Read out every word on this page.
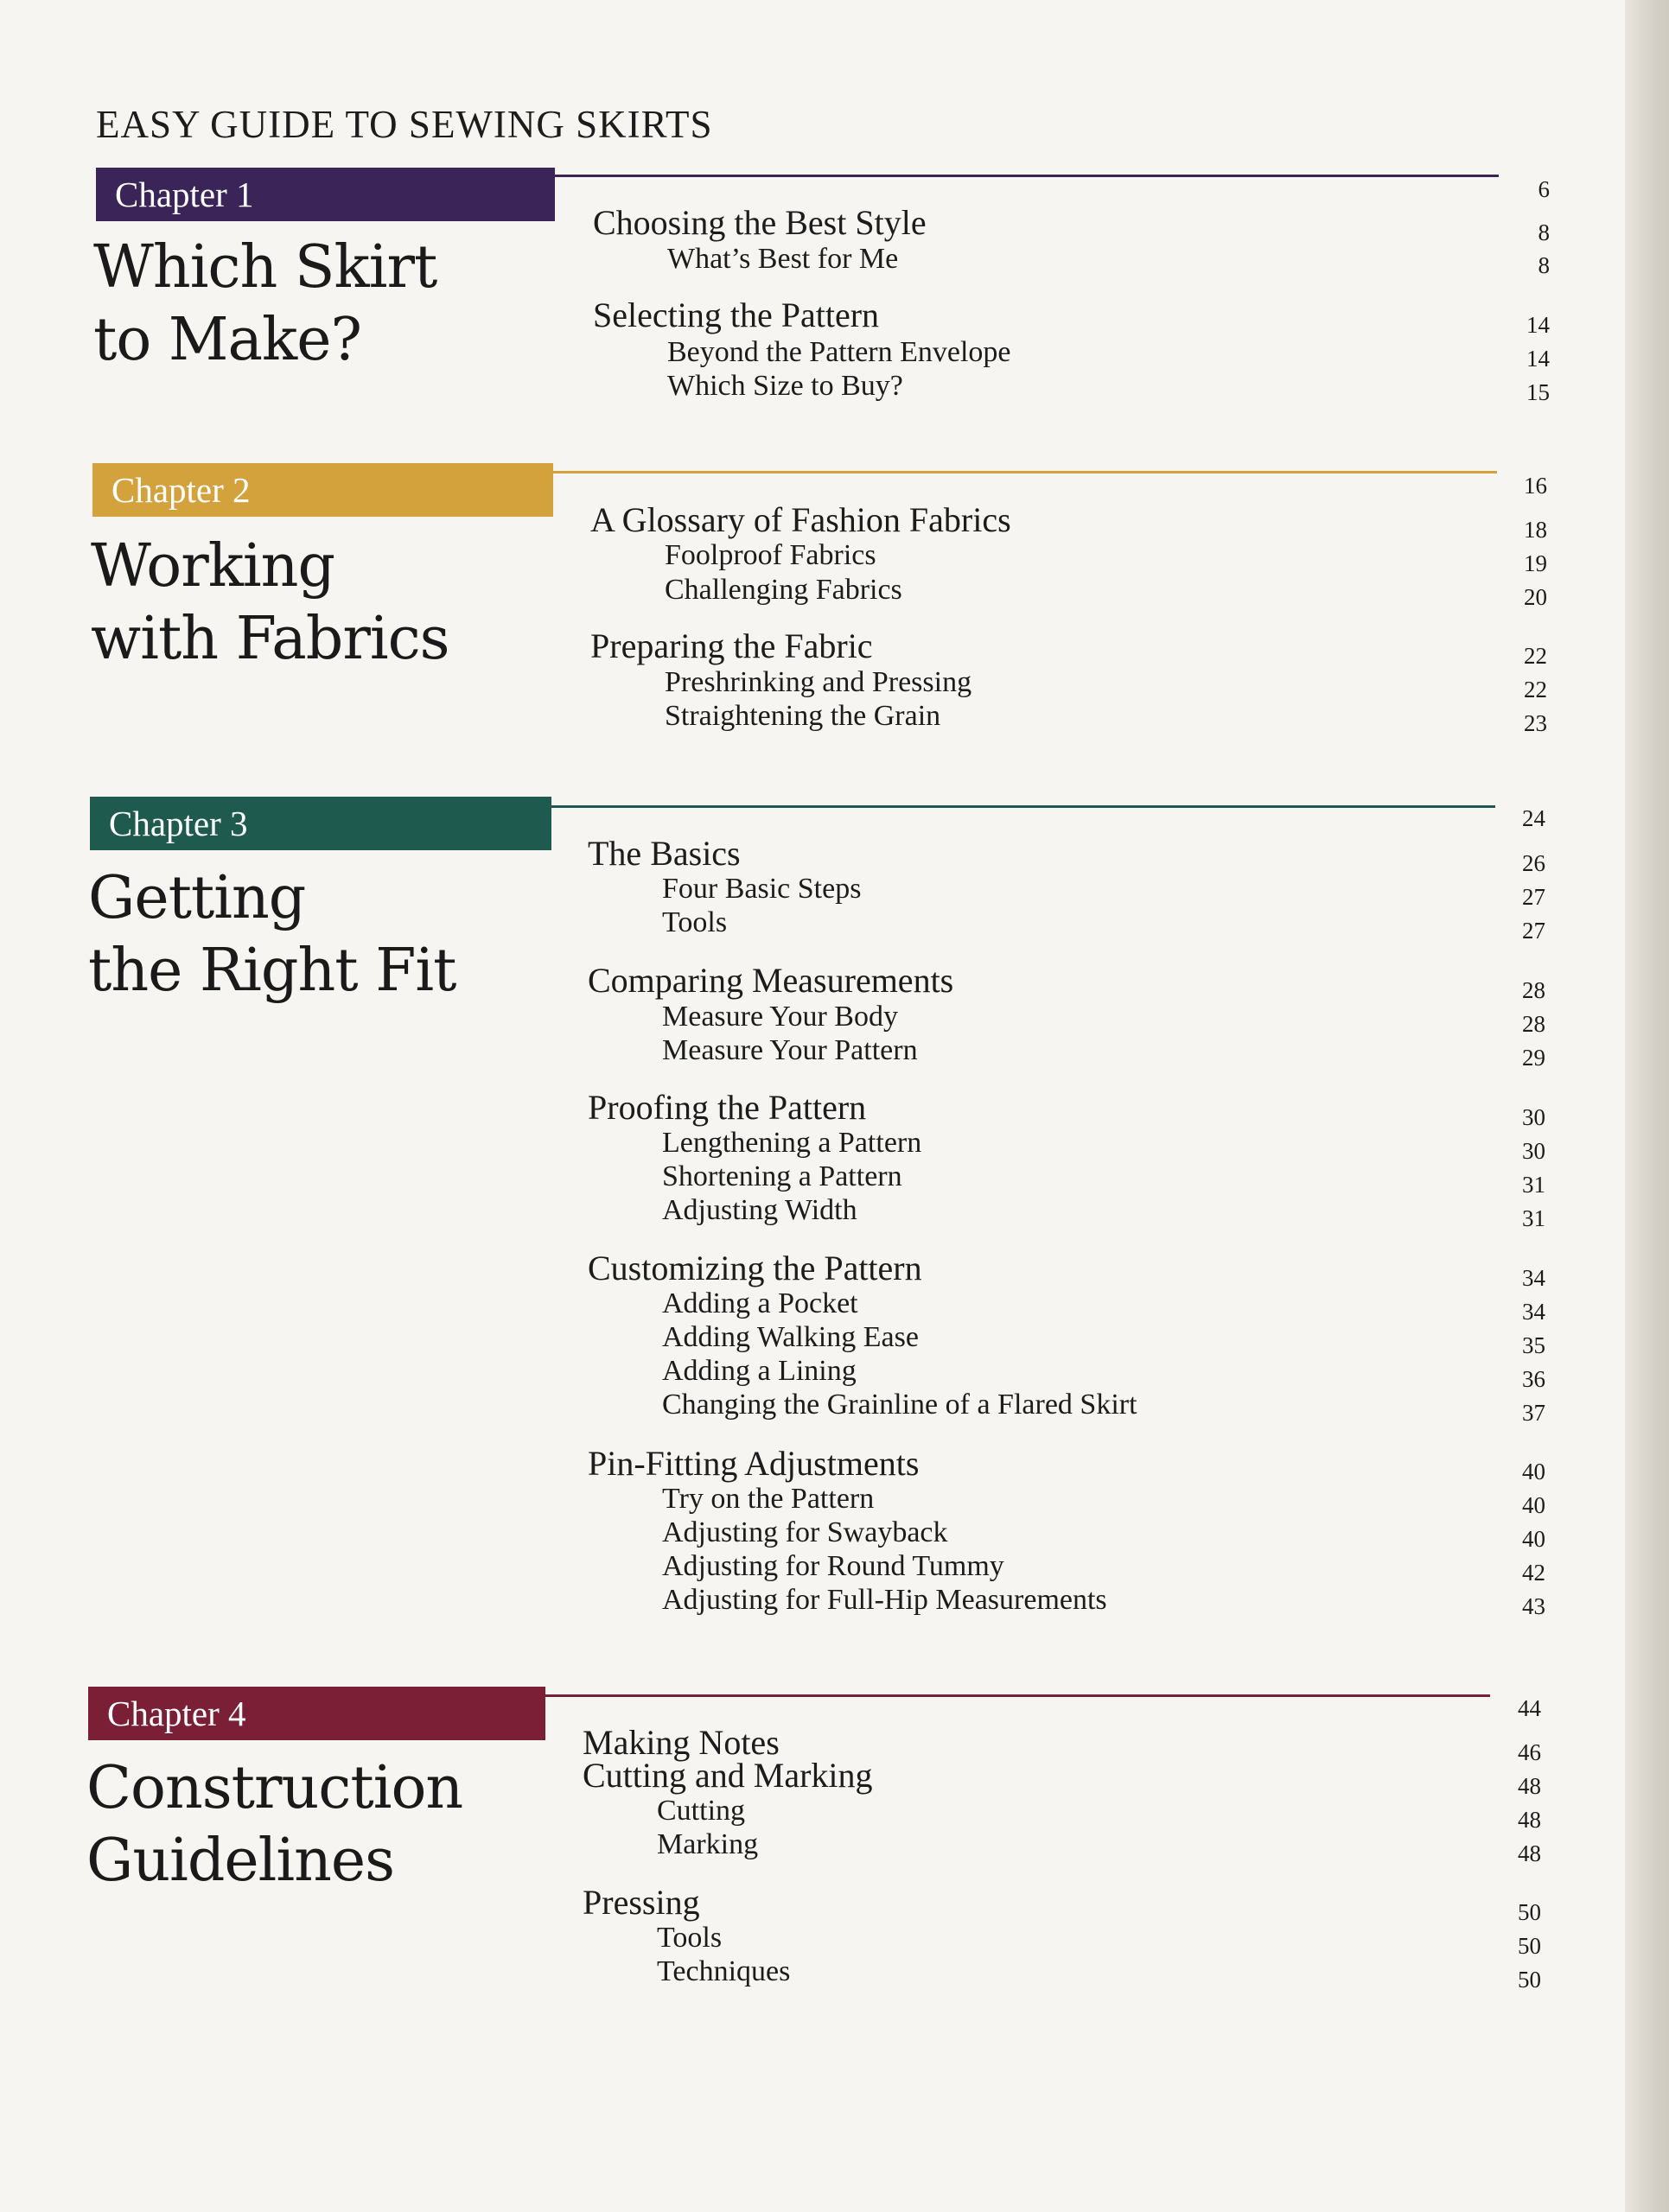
EASY GUIDE TO SEWING SKIRTS
Chapter 1
Which Skirt
to Make?
6
Choosing the Best Style
What’s Best for Me
Selecting the Pattern
Beyond the Pattern Envelope
Which Size to Buy?
8
8
14
14
15
Chapter 2
Working
with Fabrics
16
A Glossary of Fashion Fabrics
Foolproof Fabrics
Challenging Fabrics
Preparing the Fabric
Preshrinking and Pressing
Straightening the Grain
18
19
20
22
22
23
Chapter 3
Getting
the Right Fit
24
The Basics
Four Basic Steps
Tools
Comparing Measurements
Measure Your Body
Measure Your Pattern
Proofing the Pattern
Lengthening a Pattern
Shortening a Pattern
Adjusting Width
Customizing the Pattern
Adding a Pocket
Adding Walking Ease
Adding a Lining
Changing the Grainline of a Flared Skirt
Pin-Fitting Adjustments
Try on the Pattern
Adjusting for Swayback
Adjusting for Round Tummy
Adjusting for Full-Hip Measurements
26
27
27
28
28
29
30
30
31
31
34
34
35
36
37
40
40
40
42
43
Chapter 4
Construction
Guidelines
44
Making Notes
Cutting and Marking
Cutting
Marking
Pressing
Tools
Techniques
46
48
48
48
50
50
50
